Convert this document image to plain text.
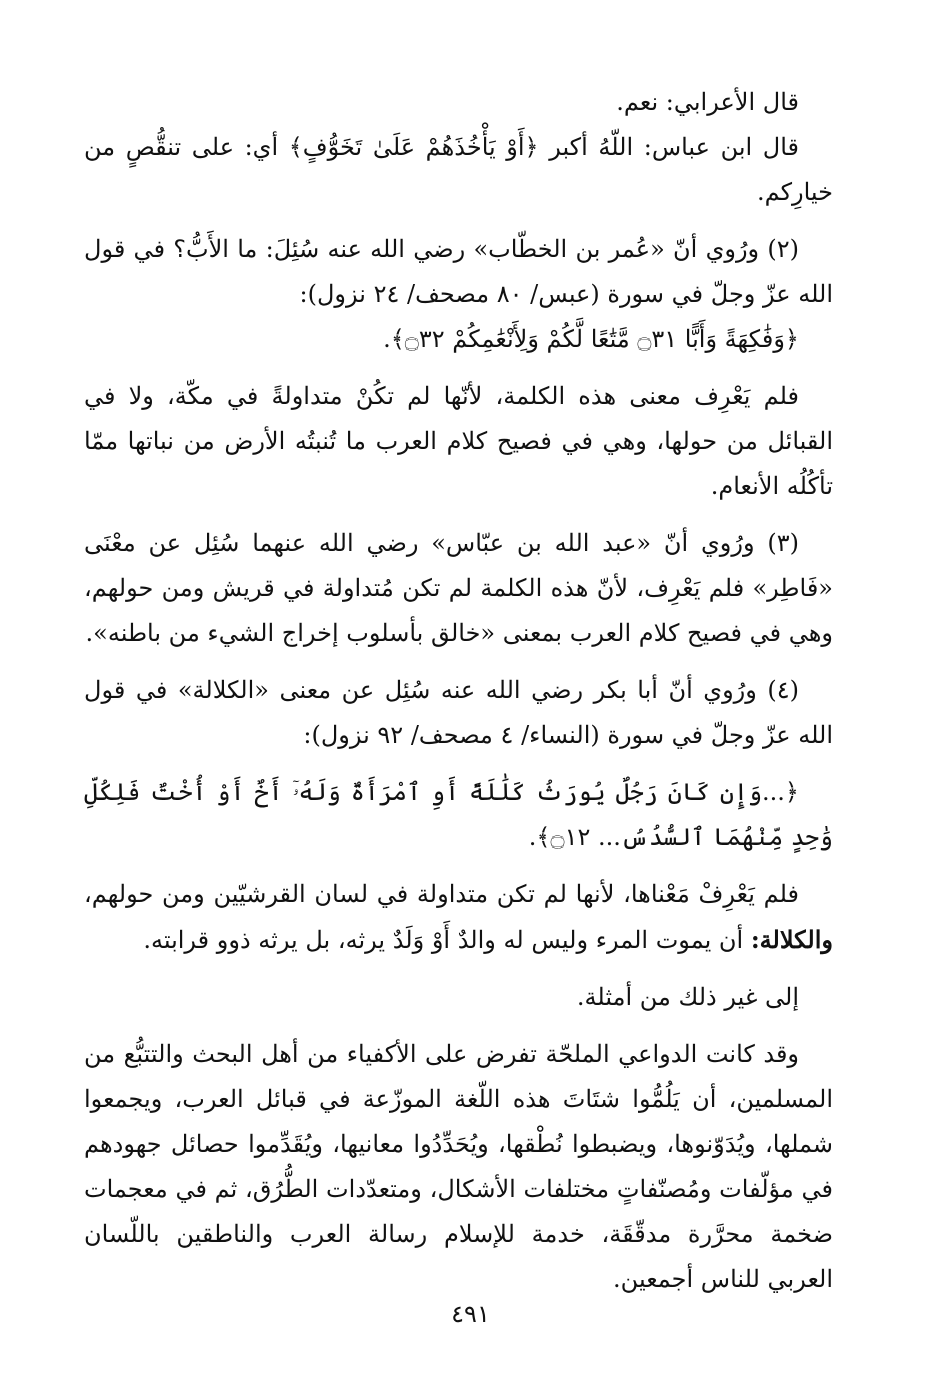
قال الأعرابي: نعم.

قال ابن عباس: اللّهُ أكبر ﴿أَوْ يَأْخُذَهُمْ عَلَىٰ تَخَوُّفٍ﴾ أي: على تنقُّصٍ من خيارِكم.

(٢) ورُوي أنّ «عُمر بن الخطّاب» رضي الله عنه سُئِلَ: ما الأَبُّ؟ في قول الله عزّ وجلّ في سورة (عبس/ ٨٠ مصحف/ ٢٤ نزول):

﴿وَفَٰكِهَةً وَأَبًّا ۝٣١ مَّتَٰعًا لَّكُمْ وَلِأَنْعَٰمِكُمْ ۝٣٢﴾.

فلم يَعْرِف معنى هذه الكلمة، لأنّها لم تكُنْ متداولةً في مكّة، ولا في القبائل من حولها، وهي في فصيح كلام العرب ما تُنبتُه الأرض من نباتها ممّا تأكُلُه الأنعام.

(٣) ورُوي أنّ «عبد الله بن عبّاس» رضي الله عنهما سُئِل عن معْنَى «فَاطِر» فلم يَعْرِف، لأنّ هذه الكلمة لم تكن مُتداولة في قريش ومن حولهم، وهي في فصيح كلام العرب بمعنى «خالق بأسلوب إخراج الشيء من باطنه».

(٤) ورُوي أنّ أبا بكر رضي الله عنه سُئِل عن معنى «الكلالة» في قول الله عزّ وجلّ في سورة (النساء/ ٤ مصحف/ ٩٢ نزول):

﴿...وَإِن كَانَ رَجُلٌ يُورَثُ كَلَٰلَةً أَوِ ٱمْرَأَةٌ وَلَهُۥٓ أَخٌ أَوْ أُخْتٌ فَلِكُلِّ وَٰحِدٍ مِّنْهُمَا ٱلسُّدُسُ... ۝١٢﴾.

فلم يَعْرِفْ مَعْناها، لأنها لم تكن متداولة في لسان القرشيّين ومن حولهم، والكلالة: أن يموت المرء وليس له والدٌ أَوْ وَلَدٌ يرثه، بل يرثه ذوو قرابته.

إلى غير ذلك من أمثلة.

وقد كانت الدواعي الملحّة تفرض على الأكفياء من أهل البحث والتتبُّع من المسلمين، أن يَلُمُّوا شتَاتَ هذه اللّغة الموزّعة في قبائل العرب، ويجمعوا شملها، ويُدَوّنوها، ويضبطوا نُطْقها، ويُحَدِّدُوا معانيها، ويُقَدِّموا حصائل جهودهم في مؤلّفات ومُصنّفاتٍ مختلفات الأشكال، ومتعدّدات الطُّرُق، ثم في معجمات ضخمة محرَّرة مدقّقَة، خدمة للإسلام رسالة العرب والناطقين باللّسان العربي للناس أجمعين.

٤٩١
